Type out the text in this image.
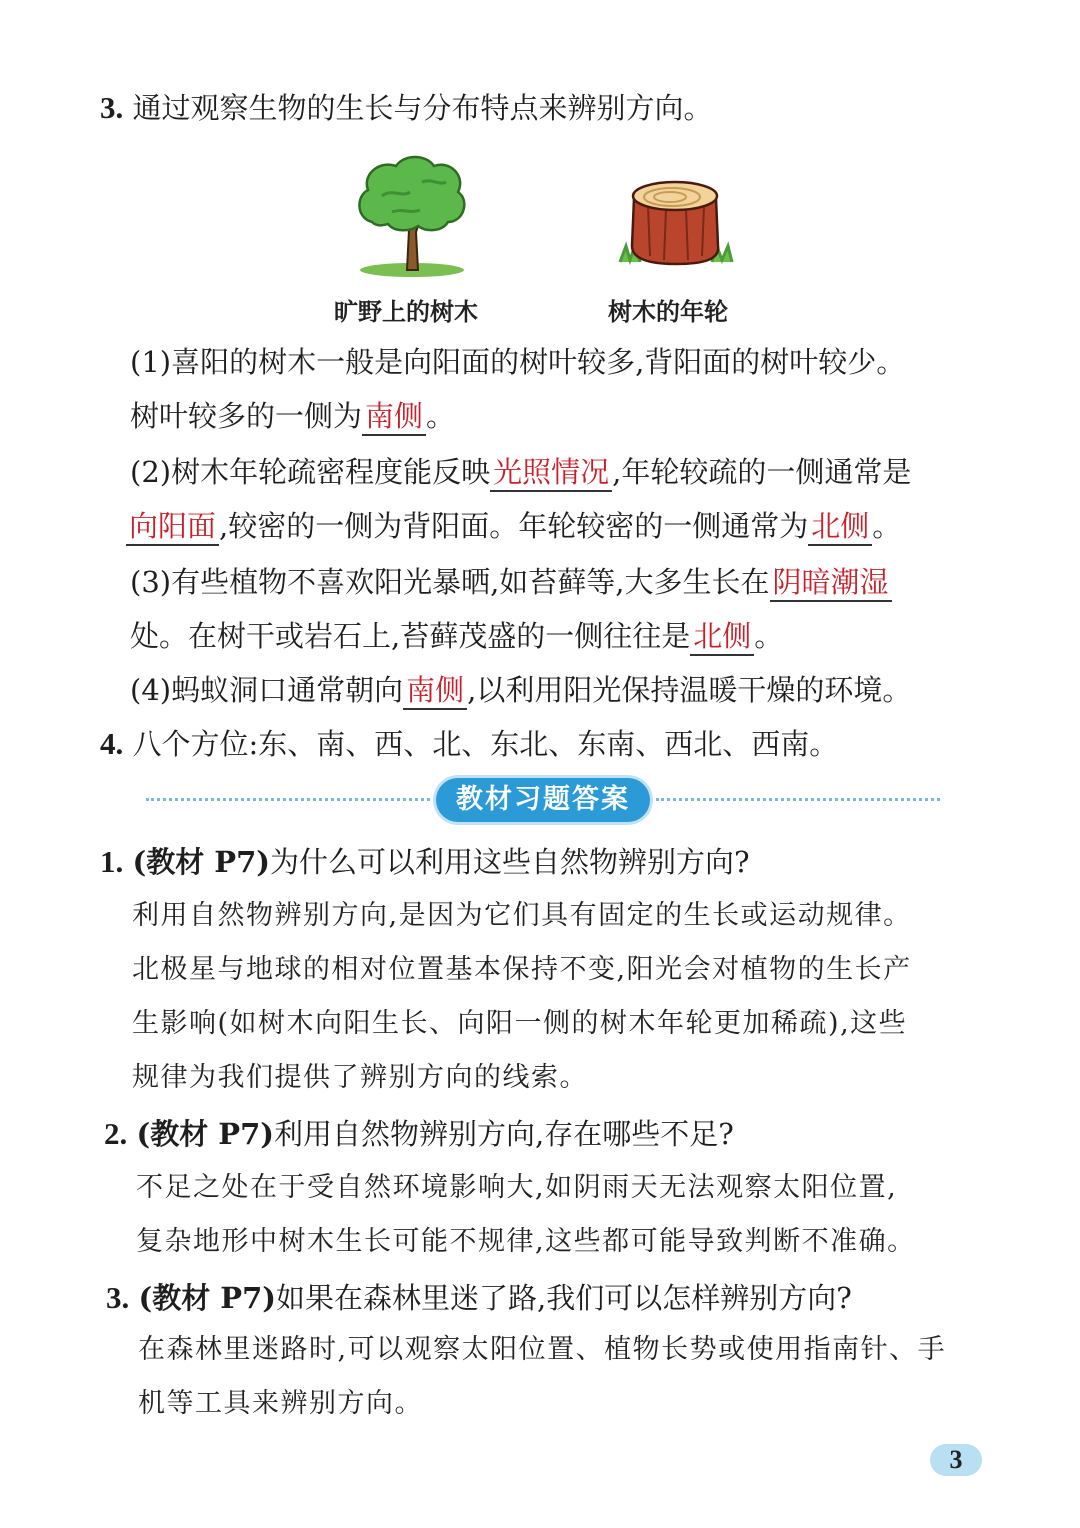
3. 通过观察生物的生长与分布特点来辨别方向。
旷野上的树木	树木的年轮
(1)喜阳的树木一般是向阳面的树叶较多,背阳面的树叶较少。
树叶较多的一侧为 南侧 。
(2)树木年轮疏密程度能反映 光照情况 ,年轮较疏的一侧通常是
向阳面 ,较密的一侧为背阳面。年轮较密的一侧通常为 北侧 。
(3)有些植物不喜欢阳光暴晒,如苔藓等,大多生长在 阴暗潮湿
处。在树干或岩石上,苔藓茂盛的一侧往往是 北侧 。
(4)蚂蚁洞口通常朝向 南侧 ,以利用阳光保持温暖干燥的环境。
4. 八个方位:东、南、西、北、东北、东南、西北、西南。
教材习题答案
1. (教材 P7)为什么可以利用这些自然物辨别方向?
利用自然物辨别方向,是因为它们具有固定的生长或运动规律。
北极星与地球的相对位置基本保持不变,阳光会对植物的生长产
生影响(如树木向阳生长、向阳一侧的树木年轮更加稀疏),这些
规律为我们提供了辨别方向的线索。
2. (教材 P7)利用自然物辨别方向,存在哪些不足?
不足之处在于受自然环境影响大,如阴雨天无法观察太阳位置,
复杂地形中树木生长可能不规律,这些都可能导致判断不准确。
3. (教材 P7)如果在森林里迷了路,我们可以怎样辨别方向?
在森林里迷路时,可以观察太阳位置、植物长势或使用指南针、手
机等工具来辨别方向。
3
